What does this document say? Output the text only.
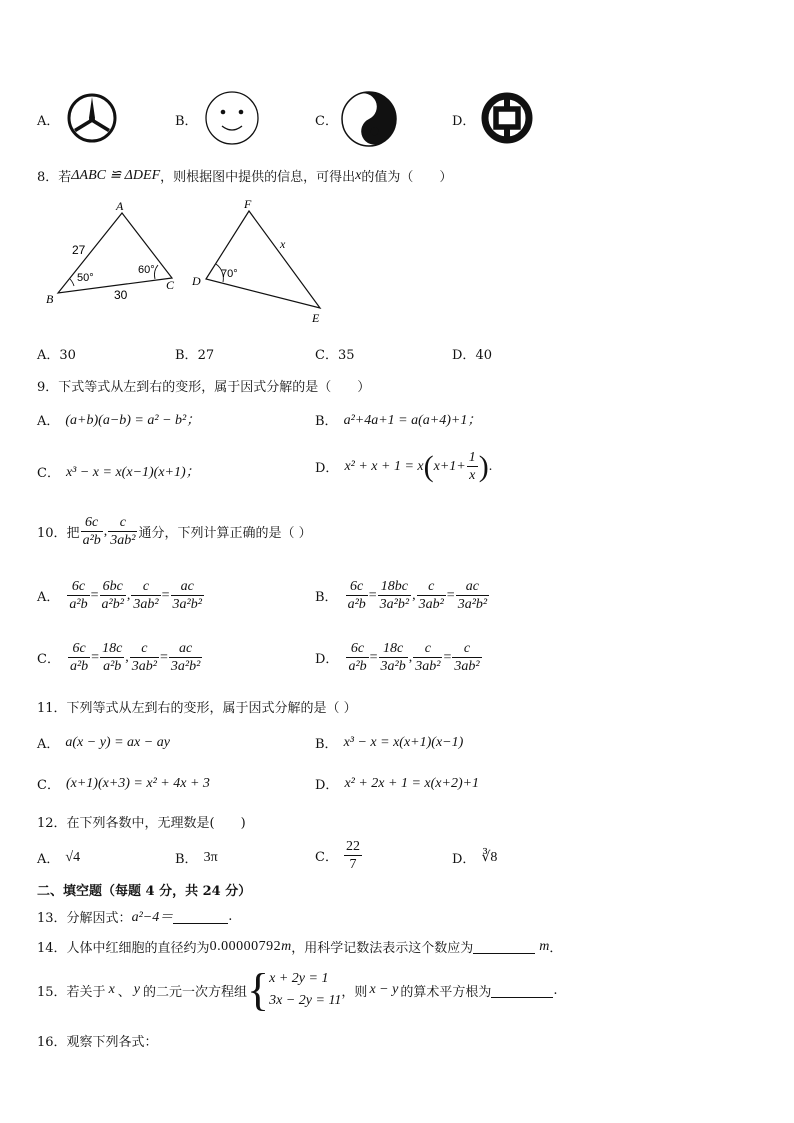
A．	B．	C．	D．
8． 若 ΔABC ≌ ΔDEF ，则根据图中提供的信息，可得出 x 的值为（　　）
A
B
C
27
30
50°
60°
F
D
E
x
70°
A．30	B．27	C．35	D．40
9．下式等式从左到右的变形，属于因式分解的是（　　）
A． (a+b)(a−b) = a² − b²；	B． a²+4a+1 = a(a+4)+1；
C． x³ − x = x(x−1)(x+1)；	D． x² + x + 1 = x ( $x+1+ \frac{1}{x}$ ) .
10． 把 $\frac{6c}{\text{a²b}}$ , $\frac{c}{\text{3ab²}}$ 通分，下列计算正确的是（ ）
A． $\frac{6c}{\text{a²b}} = \frac{6bc}{\text{a²b²}}$ , $\frac{c}{\text{3ab²}} = \frac{ac}{\text{3a²b²}}$	B． $\frac{6c}{\text{a²b}} = \frac{18bc}{\text{3a²b²}}$ , $\frac{c}{\text{3ab²}} = \frac{ac}{\text{3a²b²}}$
C． $\frac{6c}{\text{a²b}} = \frac{18c}{\text{a²b}}$ , $\frac{c}{\text{3ab²}} = \frac{ac}{\text{3a²b²}}$	D． $\frac{6c}{\text{a²b}} = \frac{18c}{\text{3a²b}}$ , $\frac{c}{\text{3ab²}} = \frac{c}{\text{3ab²}}$
11．下列等式从左到右的变形，属于因式分解的是（ ）
A． a(x − y) = ax − ay	B． x³ − x = x(x+1)(x−1)
C． (x+1)(x+3) = x² + 4x + 3	D． x² + 2x + 1 = x(x+2)+1
12．在下列各数中，无理数是(　　)
A． √4	B． 3π	C． $\frac{22}{7}$	D． ∛8
二、填空题（每题 4 分，共 24 分）
13． 分解因式： a²−4＝	.
14． 人体中红细胞的直径约为 0.00000792 m ，用科学记数法表示这个数应为	m ．
15． 若关于 x 、 y 的二元一次方程组 { x + 2y = 1
3x − 2y = 11
，则 x − y 的算术平方根为	.
16．观察下列各式：
